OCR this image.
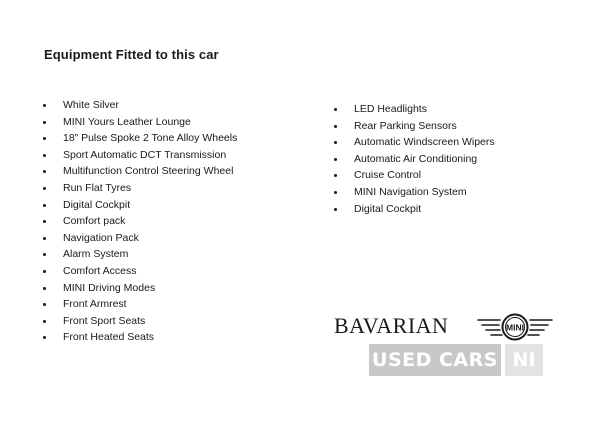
Equipment Fitted to this car
White Silver
MINI Yours Leather Lounge
18” Pulse Spoke 2 Tone Alloy Wheels
Sport Automatic DCT Transmission
Multifunction Control Steering Wheel
Run Flat Tyres
Digital Cockpit
Comfort pack
Navigation Pack
Alarm System
Comfort Access
MINI Driving Modes
Front Armrest
Front Sport Seats
Front Heated Seats
LED Headlights
Rear Parking Sensors
Automatic Windscreen Wipers
Automatic Air Conditioning
Cruise Control
MINI Navigation System
Digital Cockpit
BAVARIAN	MINI
USED CARS NI
